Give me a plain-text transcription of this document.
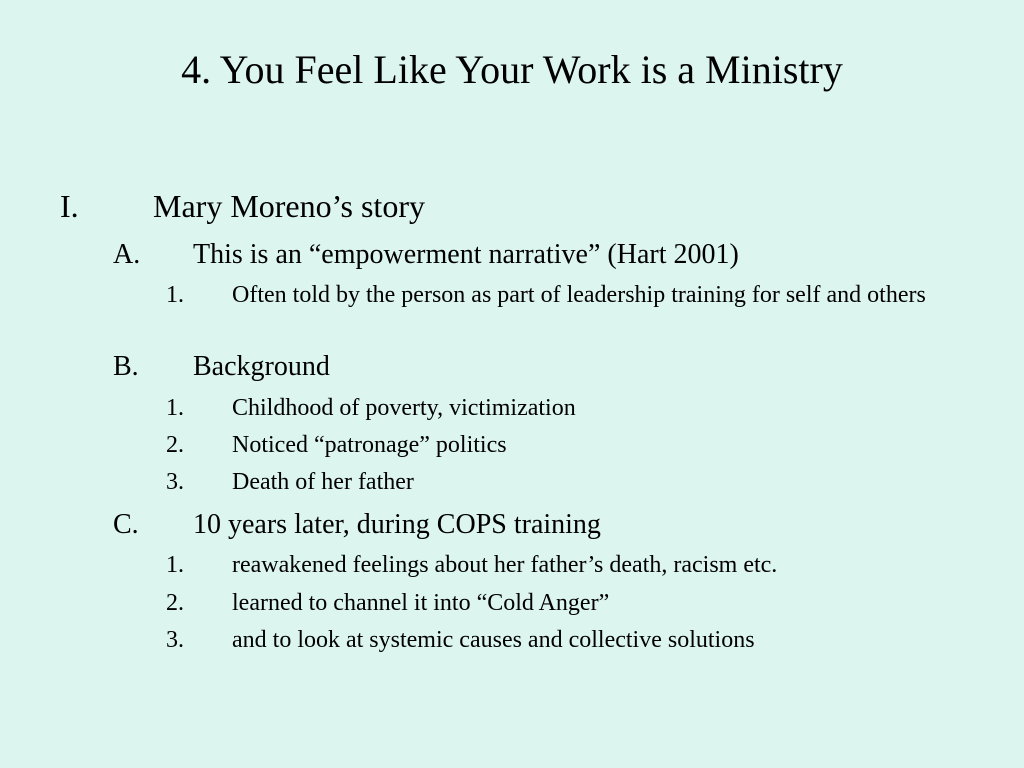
4. You Feel Like Your Work is a Ministry
I. Mary Moreno’s story
A. This is an “empowerment narrative” (Hart 2001)
1. Often told by the person as part of leadership training for self and others
B. Background
1. Childhood of poverty, victimization
2. Noticed “patronage” politics
3. Death of her father
C. 10 years later, during COPS training
1. reawakened feelings about her father’s death, racism etc.
2. learned to channel it into “Cold Anger”
3. and to look at systemic causes and collective solutions
